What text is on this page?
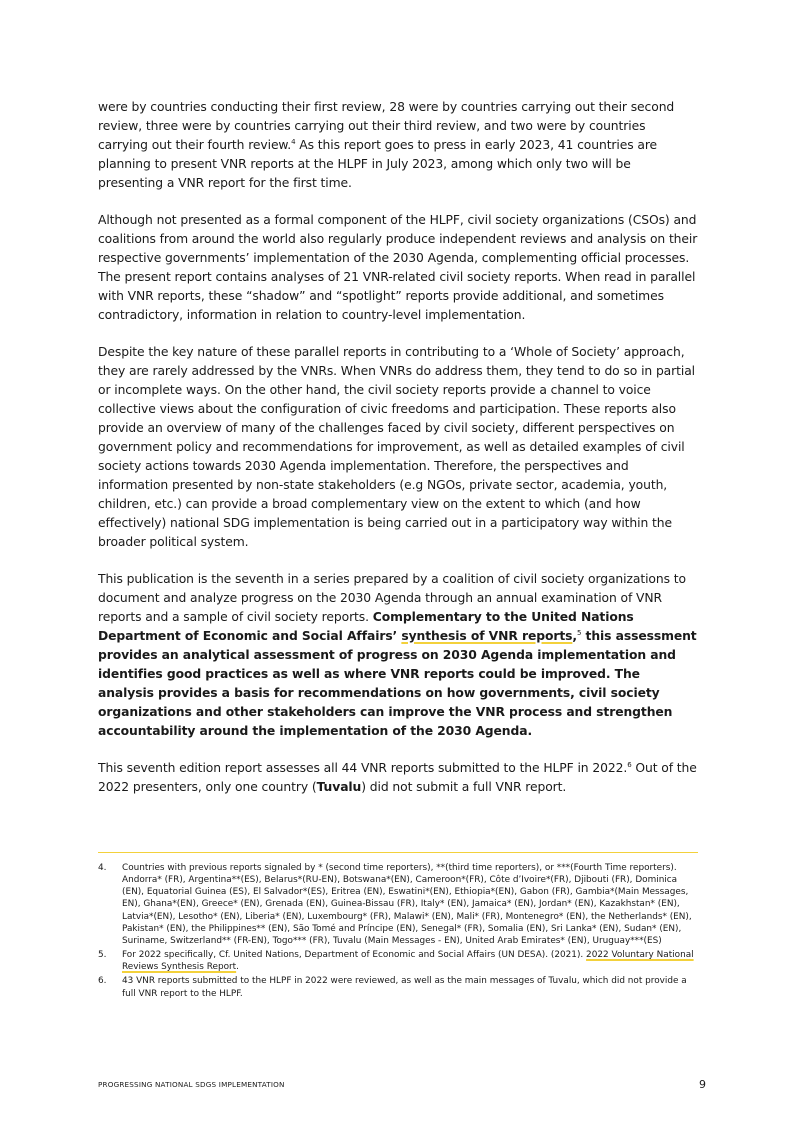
were by countries conducting their first review, 28 were by countries carrying out their second review, three were by countries carrying out their third review, and two were by countries carrying out their fourth review.$^4$ As this report goes to press in early 2023, 41 countries are planning to present VNR reports at the HLPF in July 2023, among which only two will be presenting a VNR report for the first time.

Although not presented as a formal component of the HLPF, civil society organizations (CSOs) and coalitions from around the world also regularly produce independent reviews and analysis on their respective governments’ implementation of the 2030 Agenda, complementing official processes. The present report contains analyses of 21 VNR-related civil society reports. When read in parallel with VNR reports, these “shadow” and “spotlight” reports provide additional, and sometimes contradictory, information in relation to country-level implementation.

Despite the key nature of these parallel reports in contributing to a ‘Whole of Society’ approach, they are rarely addressed by the VNRs. When VNRs do address them, they tend to do so in partial or incomplete ways. On the other hand, the civil society reports provide a channel to voice collective views about the configuration of civic freedoms and participation. These reports also provide an overview of many of the challenges faced by civil society, different perspectives on government policy and recommendations for improvement, as well as detailed examples of civil society actions towards 2030 Agenda implementation. Therefore, the perspectives and information presented by non-state stakeholders (e.g NGOs, private sector, academia, youth, children, etc.) can provide a broad complementary view on the extent to which (and how effectively) national SDG implementation is being carried out in a participatory way within the broader political system.

This publication is the seventh in a series prepared by a coalition of civil society organizations to document and analyze progress on the 2030 Agenda through an annual examination of VNR reports and a sample of civil society reports. Complementary to the United Nations Department of Economic and Social Affairs’ synthesis of VNR reports,$^5$ this assessment provides an analytical assessment of progress on 2030 Agenda implementation and identifies good practices as well as where VNR reports could be improved. The analysis provides a basis for recommendations on how governments, civil society organizations and other stakeholders can improve the VNR process and strengthen accountability around the implementation of the 2030 Agenda.

This seventh edition report assesses all 44 VNR reports submitted to the HLPF in 2022.$^6$ Out of the 2022 presenters, only one country (Tuvalu) did not submit a full VNR report.

4.	Countries with previous reports signaled by * (second time reporters), **(third time reporters), or ***(Fourth Time reporters). Andorra* (FR), Argentina**(ES), Belarus*(RU-EN), Botswana*(EN), Cameroon*(FR), Côte d’Ivoire*(FR), Djibouti (FR), Dominica (EN), Equatorial Guinea (ES), El Salvador*(ES), Eritrea (EN), Eswatini*(EN), Ethiopia*(EN), Gabon (FR), Gambia*(Main Messages, EN), Ghana*(EN), Greece* (EN), Grenada (EN), Guinea-Bissau (FR), Italy* (EN), Jamaica* (EN), Jordan* (EN), Kazakhstan* (EN), Latvia*(EN), Lesotho* (EN), Liberia* (EN), Luxembourg* (FR), Malawi* (EN), Mali* (FR), Montenegro* (EN), the Netherlands* (EN), Pakistan* (EN), the Philippines** (EN), São Tomé and Príncipe (EN), Senegal* (FR), Somalia (EN), Sri Lanka* (EN), Sudan* (EN), Suriname, Switzerland** (FR-EN), Togo*** (FR), Tuvalu (Main Messages - EN), United Arab Emirates* (EN), Uruguay***(ES)
5.	For 2022 specifically, Cf. United Nations, Department of Economic and Social Affairs (UN DESA). (2021). 2022 Voluntary National Reviews Synthesis Report.
6.	43 VNR reports submitted to the HLPF in 2022 were reviewed, as well as the main messages of Tuvalu, which did not provide a full VNR report to the HLPF.
PROGRESSING NATIONAL SDGS IMPLEMENTATION	9
